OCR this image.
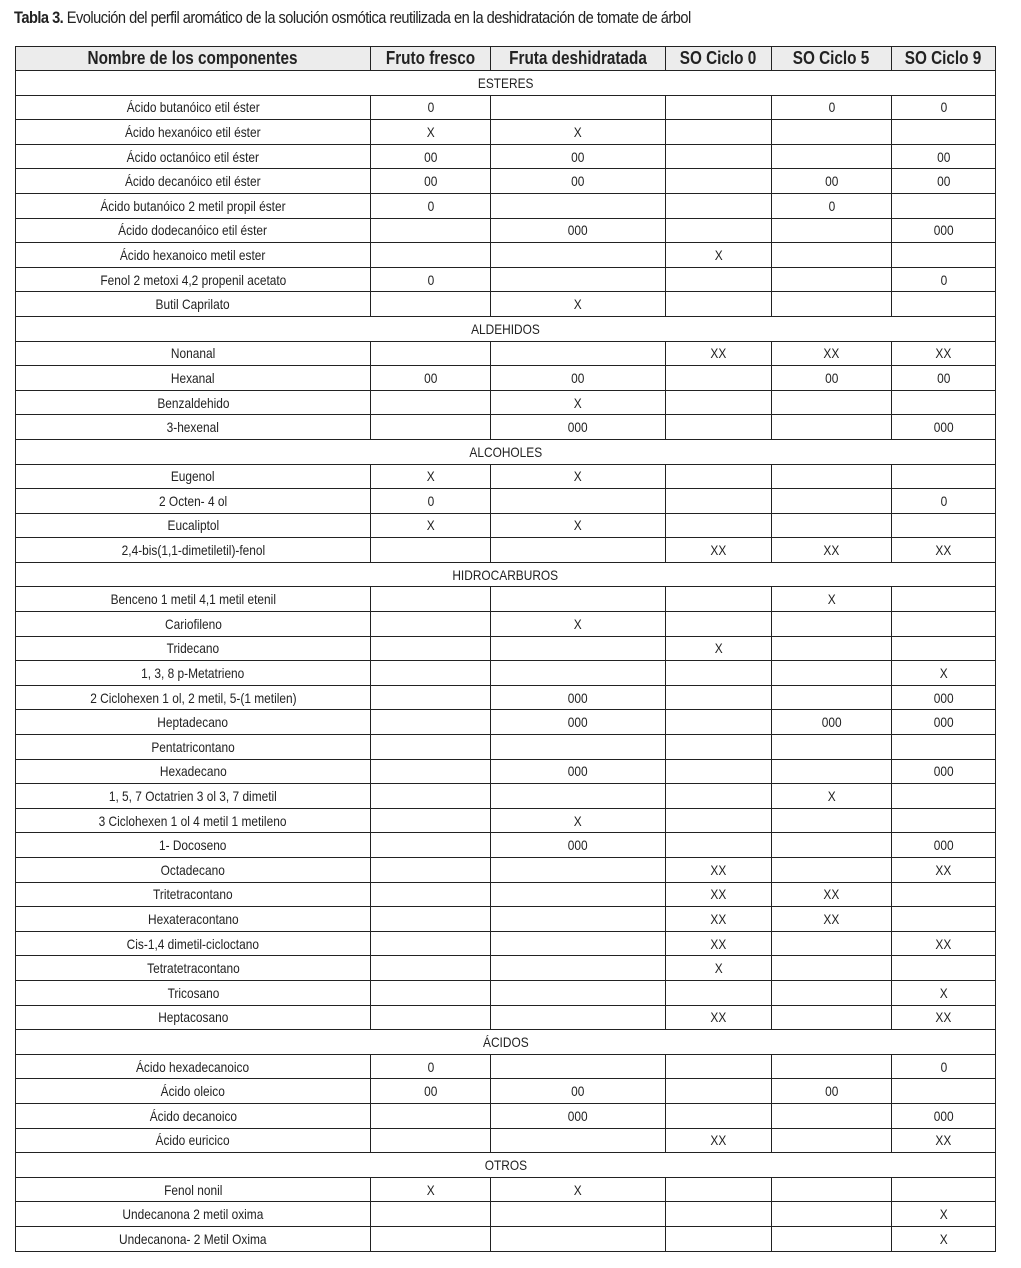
Tabla 3. Evolución del perfil aromático de la solución osmótica reutilizada en la deshidratación de tomate de árbol
Nombre de los componentes	Fruto fresco	Fruta deshidratada	SO Ciclo 0	SO Ciclo 5	SO Ciclo 9
ESTERES					
Ácido butanóico etil éster	0			0	0
Ácido hexanóico etil éster	X	X			
Ácido octanóico etil éster	00	00			00
Ácido decanóico etil éster	00	00		00	00
Ácido butanóico 2 metil propil éster	0			0	
Ácido dodecanóico etil éster		000			000
Ácido hexanoico metil ester			X		
Fenol 2 metoxi 4,2 propenil acetato	0				0
Butil Caprilato		X			
ALDEHIDOS					
Nonanal			XX	XX	XX
Hexanal	00	00		00	00
Benzaldehido		X			
3-hexenal		000			000
ALCOHOLES					
Eugenol	X	X			
2 Octen- 4 ol	0				0
Eucaliptol	X	X			
2,4-bis(1,1-dimetiletil)-fenol			XX	XX	XX
HIDROCARBUROS					
Benceno 1 metil 4,1 metil etenil				X	
Cariofileno		X			
Tridecano			X		
1, 3, 8 p-Metatrieno					X
2 Ciclohexen 1 ol, 2 metil, 5-(1 metilen)		000			000
Heptadecano		000		000	000
Pentatricontano					
Hexadecano		000			000
1, 5, 7 Octatrien 3 ol 3, 7 dimetil				X	
3 Ciclohexen 1 ol 4 metil 1 metileno		X			
1- Docoseno		000			000
Octadecano			XX		XX
Tritetracontano			XX	XX	
Hexateracontano			XX	XX	
Cis-1,4 dimetil-cicloctano			XX		XX
Tetratetracontano			X		
Tricosano					X
Heptacosano			XX		XX
ÁCIDOS					
Ácido hexadecanoico	0				0
Ácido oleico	00	00		00	
Ácido decanoico		000			000
Ácido euricico			XX		XX
OTROS					
Fenol nonil	X	X			
Undecanona 2 metil oxima					X
Undecanona- 2 Metil Oxima					X
